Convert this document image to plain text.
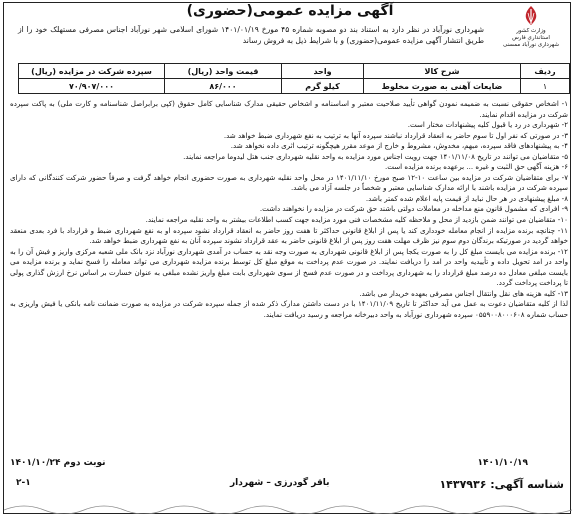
وزارت کشور
استانداری فارس
شهرداری نورآباد ممسنی
آگهی مزایده عمومی(حضوری)
شهرداری نورآباد در نظر دارد به استناد بند دو مصوبه شماره ۴۵ مورخ ۱۴۰۱/۰۱/۱۹ شورای اسلامی شهر نورآباد اجناس مصرفی مستهلک خود را از طریق انتشار آگهی مزایده عمومی(حضوری) و با شرایط ذیل به فروش رساند
ردیف	شرح کالا	واحد	قیمت واحد (ریال)	سپرده شرکت در مزایده (ریال)
۱	ضایعات آهنی به صورت مخلوط	کیلو گرم	۸۶/۰۰۰	۷۰/۹۰۷/۰۰۰

۱- اشخاص حقوقی نسبت به ضمیمه نمودن گواهی تأیید صلاحیت معتبر و اساسنامه و اشخاص حقیقی مدارک شناسایی کامل حقوق (کپی برابراصل شناسنامه و کارت ملی) به پاکت سپرده شرکت در مزایده اقدام نمایند.

۲- شهرداری در رد یا قبول کلیه پیشنهادات مختار است.

۳- در صورتی که نفر اول تا سوم حاضر به انعقاد قرارداد نباشند سپرده آنها به ترتیب به نفع شهرداری ضبط خواهد شد.

۴- به پیشنهادهای فاقد سپرده، مبهم، مخدوش، مشروط و خارج از موعد مقرر هیچگونه ترتیب اثری داده نخواهد شد.

۵- متقاضیان می توانند در تاریخ ۱۴۰۱/۱۱/۰۸ جهت رویت اجناس مورد مزایده به واحد نقلیه شهرداری جنب هتل لیدوما مراجعه نمایند.

۶- هزینه آگهی حق الثبت و غیره ... برعهده برنده مزایده است.

۷- برای متقاضیان شرکت در مزایده بین ساعت ۱۰-۱۲ صبح مورخ ۱۴۰۱/۱۱/۱۰ در محل واحد نقلیه شهرداری به صورت حضوری انجام خواهد گرفت و صرفاً حضور شرکت کنندگانی که دارای سپرده شرکت در مزایده باشند با ارائه مدارک شناسایی معتبر و شخصاً در جلسه آزاد می باشد.

۸- مبلغ پیشنهادی در هر حال نباید از قیمت پایه اعلام شده کمتر باشد.

۹- افرادی که مشمول قانون منع مداخله در معاملات دولتی باشند حق شرکت در مزایده را نخواهند داشت.

۱۰- متقاضیان می توانند ضمن بازدید از محل و ملاحظه کلیه مشخصات فنی مورد مزایده جهت کسب اطلاعات بیشتر به واحد نقلیه مراجعه نمایند.

۱۱- چنانچه برنده مزایده از انجام معامله خودداری کند یا پس از ابلاغ قانونی حداکثر تا هفت روز حاضر به انعقاد قرارداد نشود سپرده او به نفع شهرداری ضبط و قرارداد با فرد بعدی منعقد خواهد گردید در صورتیکه برندگان دوم سوم نیز ظرف مهلت هفت روز پس از ابلاغ قانونی حاضر به عقد قرارداد نشوند سپرده آنان به نفع شهرداری ضبط خواهد شد.

۱۲- برنده مزایده می بایست مبلغ کل را به صورت یکجا پس از ابلاغ قانونی شهرداری به صورت وجه نقد به حساب در آمدی شهرداری نورآباد نزد بانک ملی شعبه مرکزی واریز و فیش آن را به واحد در امد تحویل داده و تأییدیه واحد در امد را دریافت نمایند. در صورت عدم پرداخت به موقع مبلغ کل توسط برنده مزایده شهرداری می تواند معامله را فسخ نماید و برنده مزایده می بایست مبلغی معادل ده درصد مبلغ قرارداد را به شهرداری پرداخت و در صورت عدم فسخ از سوی شهرداری بابت مبلغ واریز نشده مبلغی به عنوان خسارت بر اساس نرخ ارزش گذاری پولی تا پرداخت پرداخت گردد.

۱۳- کلیه هزینه های نقل وانتقال اجناس مصرفی بعهده خریدار می باشد.

لذا از کلیه متقاضیان دعوت به عمل می آید حداکثر تا تاریخ ۱۴۰۱/۱۱/۰۹ با در دست داشتن مدارک ذکر شده از جمله سپرده شرکت در مزایده به صورت ضمانت نامه بانکی یا فیش واریزی به حساب شماره ۰۵۵۹۰۰۸۰۰۰۶۰۸ سپرده شهرداری نورآباد به واحد دبیرخانه مراجعه و رسید دریافت نمایند.

نوبت دوم ۱۴۰۱/۱۰/۲۴	۱۴۰۱/۱۰/۱۹
۲-۱	باقر گودرزی – شهردار	شناسه آگهی: ۱۴۳۷۹۳۶
